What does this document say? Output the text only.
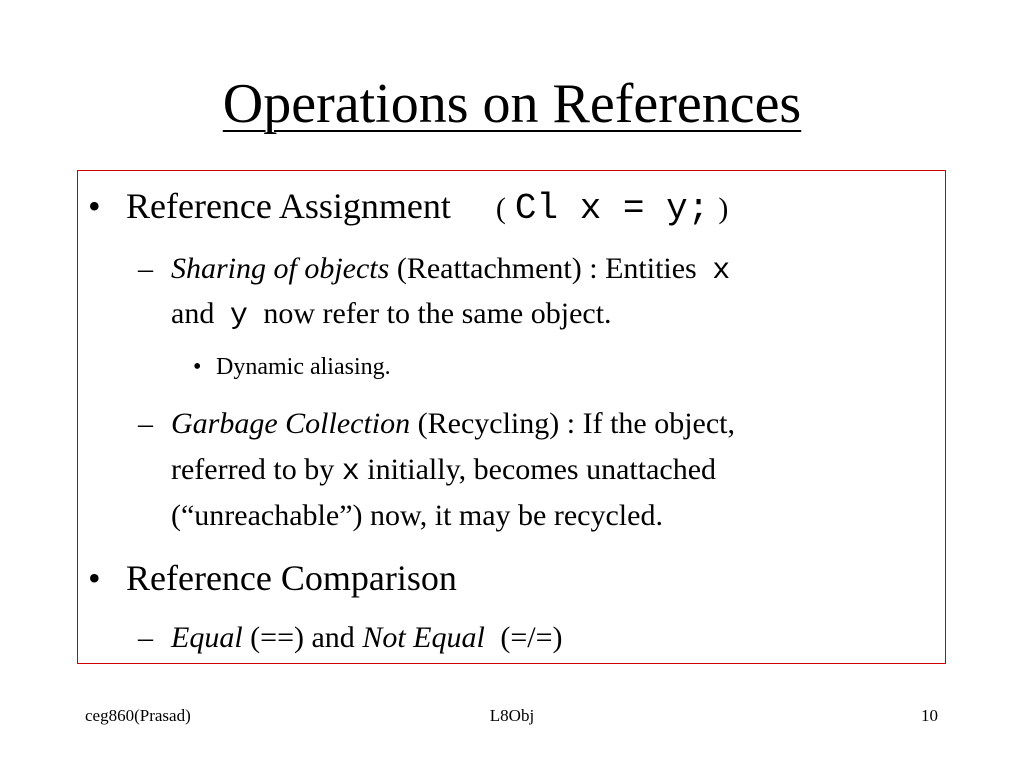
Operations on References
• Reference Assignment ( Cl x = y; )
– Sharing of objects (Reattachment) : Entities x
and y now refer to the same object.
• Dynamic aliasing.
– Garbage Collection (Recycling) : If the object,
referred to by x initially, becomes unattached
(“unreachable”) now, it may be recycled.
• Reference Comparison
– Equal (==) and Not Equal (=/=)
ceg860(Prasad)	L8Obj	10
